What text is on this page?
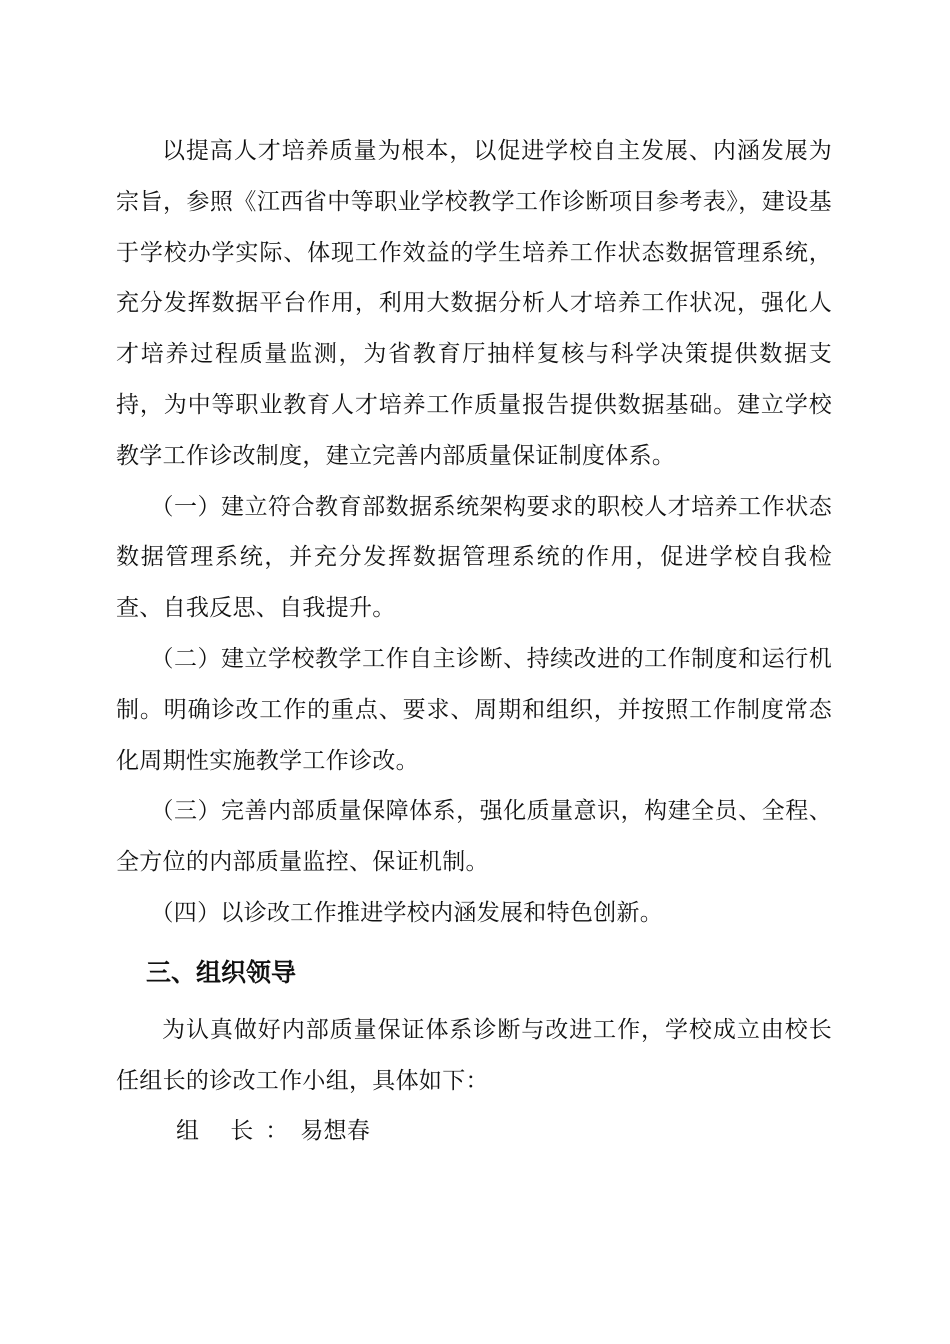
以提高人才培养质量为根本，以促进学校自主发展、内涵发展为宗旨，参照《江西省中等职业学校教学工作诊断项目参考表》，建设基于学校办学实际、体现工作效益的学生培养工作状态数据管理系统，充分发挥数据平台作用，利用大数据分析人才培养工作状况，强化人才培养过程质量监测，为省教育厅抽样复核与科学决策提供数据支持，为中等职业教育人才培养工作质量报告提供数据基础。建立学校教学工作诊改制度，建立完善内部质量保证制度体系。

（一）建立符合教育部数据系统架构要求的职校人才培养工作状态数据管理系统，并充分发挥数据管理系统的作用，促进学校自我检查、自我反思、自我提升。

（二）建立学校教学工作自主诊断、持续改进的工作制度和运行机制。明确诊改工作的重点、要求、周期和组织，并按照工作制度常态化周期性实施教学工作诊改。

（三）完善内部质量保障体系，强化质量意识，构建全员、全程、全方位的内部质量监控、保证机制。

（四）以诊改工作推进学校内涵发展和特色创新。

三、组织领导

为认真做好内部质量保证体系诊断与改进工作，学校成立由校长任组长的诊改工作小组，具体如下：

组 长：易想春
